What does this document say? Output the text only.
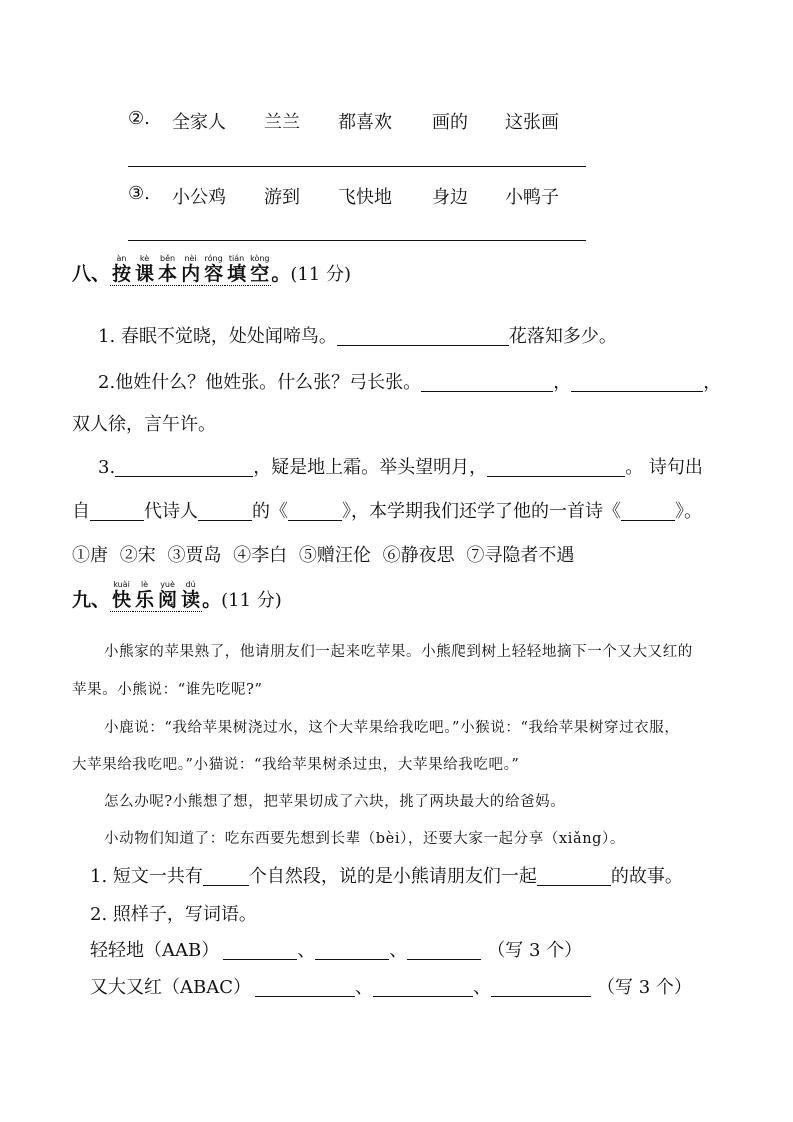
②. 全家人 兰兰 都喜欢 画的 这张画
③. 小公鸡 游到 飞快地 身边 小鸭子
八、 按àn课kè本běn内nèi容róng填tián空kòng。(11 分)
1. 春眠不觉晓，处处闻啼鸟。	花落知多少。
2.他姓什么？他姓张。什么张？弓长张。	，	，
双人徐，言午许。
3.	，疑是地上霜。举头望明月，	。 诗句出
自	代诗人	的《	》，本学期我们还学了他的一首诗《	》。
①唐 ②宋 ③贾岛 ④李白 ⑤赠汪伦 ⑥静夜思 ⑦寻隐者不遇
九、 快kuài乐lè阅yuè读dú。(11 分)
小熊家的苹果熟了，他请朋友们一起来吃苹果。小熊爬到树上轻轻地摘下一个又大又红的
苹果。小熊说：“谁先吃呢?”
小鹿说：“我给苹果树浇过水，这个大苹果给我吃吧。”小猴说：“我给苹果树穿过衣服，
大苹果给我吃吧。”小猫说：“我给苹果树杀过虫，大苹果给我吃吧。”
怎么办呢?小熊想了想，把苹果切成了六块，挑了两块最大的给爸妈。
小动物们知道了：吃东西要先想到长辈（bèi），还要大家一起分享（xiǎng）。
1. 短文一共有	个自然段，说的是小熊请朋友们一起	的故事。
2. 照样子，写词语。
轻轻地（AAB）	、	、	（写 3 个）
又大又红（ABAC）	、	、	（写 3 个）
